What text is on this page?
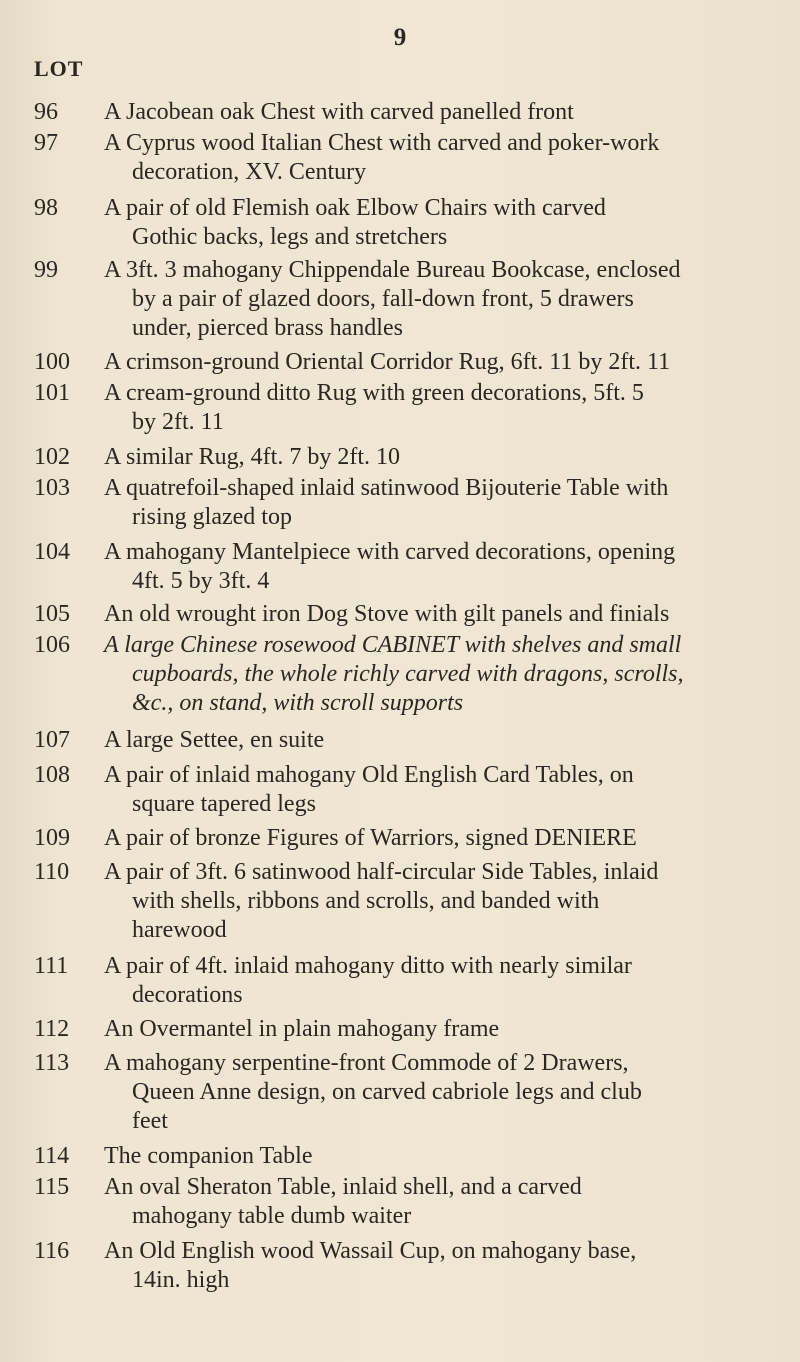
9
LOT
96	A Jacobean oak Chest with carved panelled front
97	A Cyprus wood Italian Chest with carved and poker-work
decoration, XV. Century
98	A pair of old Flemish oak Elbow Chairs with carved
Gothic backs, legs and stretchers
99	A 3ft. 3 mahogany Chippendale Bureau Bookcase, enclosed
by a pair of glazed doors, fall-down front, 5 drawers
under, pierced brass handles
100	A crimson-ground Oriental Corridor Rug, 6ft. 11 by 2ft. 11
101	A cream-ground ditto Rug with green decorations, 5ft. 5
by 2ft. 11
102	A similar Rug, 4ft. 7 by 2ft. 10
103	A quatrefoil-shaped inlaid satinwood Bijouterie Table with
rising glazed top
104	A mahogany Mantelpiece with carved decorations, opening
4ft. 5 by 3ft. 4
105	An old wrought iron Dog Stove with gilt panels and finials
106	A large Chinese rosewood CABINET with shelves and small
cupboards, the whole richly carved with dragons, scrolls,
&c., on stand, with scroll supports
107	A large Settee, en suite
108	A pair of inlaid mahogany Old English Card Tables, on
square tapered legs
109	A pair of bronze Figures of Warriors, signed DENIERE
110	A pair of 3ft. 6 satinwood half-circular Side Tables, inlaid
with shells, ribbons and scrolls, and banded with
harewood
111	A pair of 4ft. inlaid mahogany ditto with nearly similar
decorations
112	An Overmantel in plain mahogany frame
113	A mahogany serpentine-front Commode of 2 Drawers,
Queen Anne design, on carved cabriole legs and club
feet
114	The companion Table
115	An oval Sheraton Table, inlaid shell, and a carved
mahogany table dumb waiter
116	An Old English wood Wassail Cup, on mahogany base,
14in. high
